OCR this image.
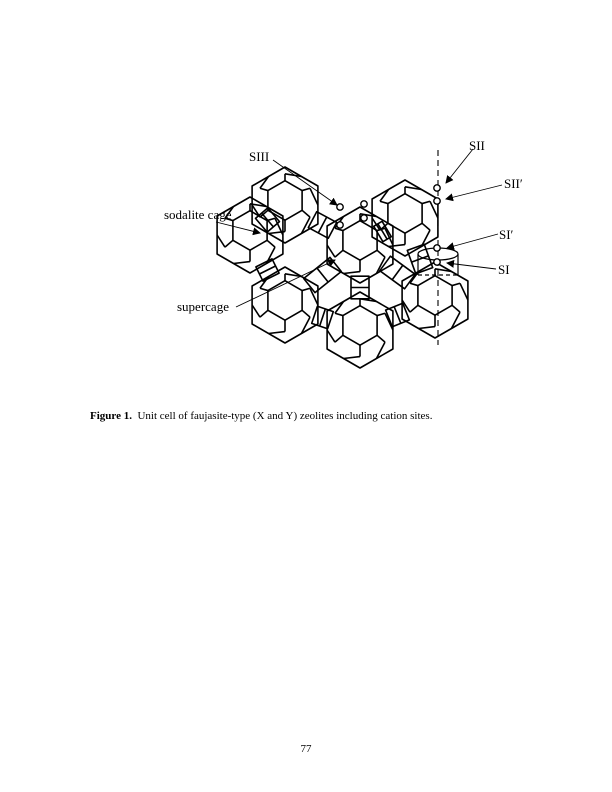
SIII
SII
SII′
SI′
SI
sodalite cage
supercage
Figure 1. Unit cell of faujasite-type (X and Y) zeolites including cation sites.
77
